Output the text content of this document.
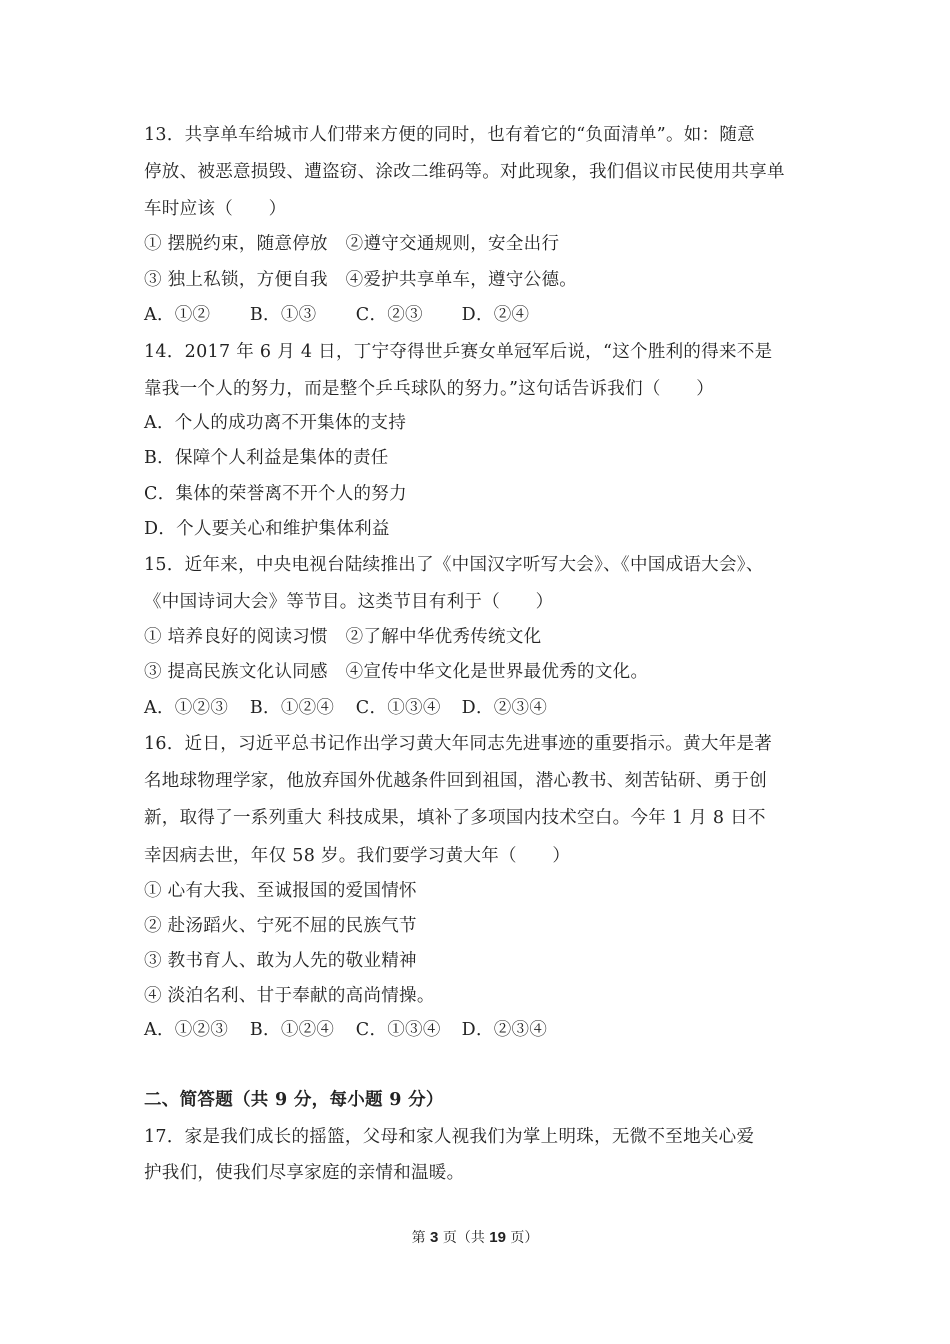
13．共享单车给城市人们带来方便的同时，也有着它的“负面清单”。如：随意
停放、被恶意损毁、遭盗窃、涂改二维码等。对此现象，我们倡议市民使用共享单
车时应该（　　）
① 摆脱约束，随意停放　②遵守交通规则，安全出行
③ 独上私锁，方便自我　④爱护共享单车，遵守公德。
A．①② B．①③ C．②③ D．②④
14．2017 年 6 月 4 日，丁宁夺得世乒赛女单冠军后说，“这个胜利的得来不是
靠我一个人的努力，而是整个乒乓球队的努力。”这句话告诉我们（　　）
A．个人的成功离不开集体的支持
B．保障个人利益是集体的责任
C．集体的荣誉离不开个人的努力
D．个人要关心和维护集体利益
15．近年来，中央电视台陆续推出了《中国汉字听写大会》、《中国成语大会》、
《中国诗词大会》等节目。这类节目有利于（　　）
① 培养良好的阅读习惯　②了解中华优秀传统文化
③ 提高民族文化认同感　④宣传中华文化是世界最优秀的文化。
A．①②③ B．①②④ C．①③④ D．②③④
16．近日，习近平总书记作出学习黄大年同志先进事迹的重要指示。黄大年是著
名地球物理学家，他放弃国外优越条件回到祖国，潜心教书、刻苦钻研、勇于创
新，取得了一系列重大 科技成果，填补了多项国内技术空白。今年 1 月 8 日不
幸因病去世，年仅 58 岁。我们要学习黄大年（　　）
① 心有大我、至诚报国的爱国情怀
② 赴汤蹈火、宁死不屈的民族气节
③ 教书育人、敢为人先的敬业精神
④ 淡泊名利、甘于奉献的高尚情操。
A．①②③ B．①②④ C．①③④ D．②③④
二、简答题（共 9 分，每小题 9 分）
17．家是我们成长的摇篮，父母和家人视我们为掌上明珠，无微不至地关心爱
护我们，使我们尽享家庭的亲情和温暖。
第 3 页（共 19 页）
